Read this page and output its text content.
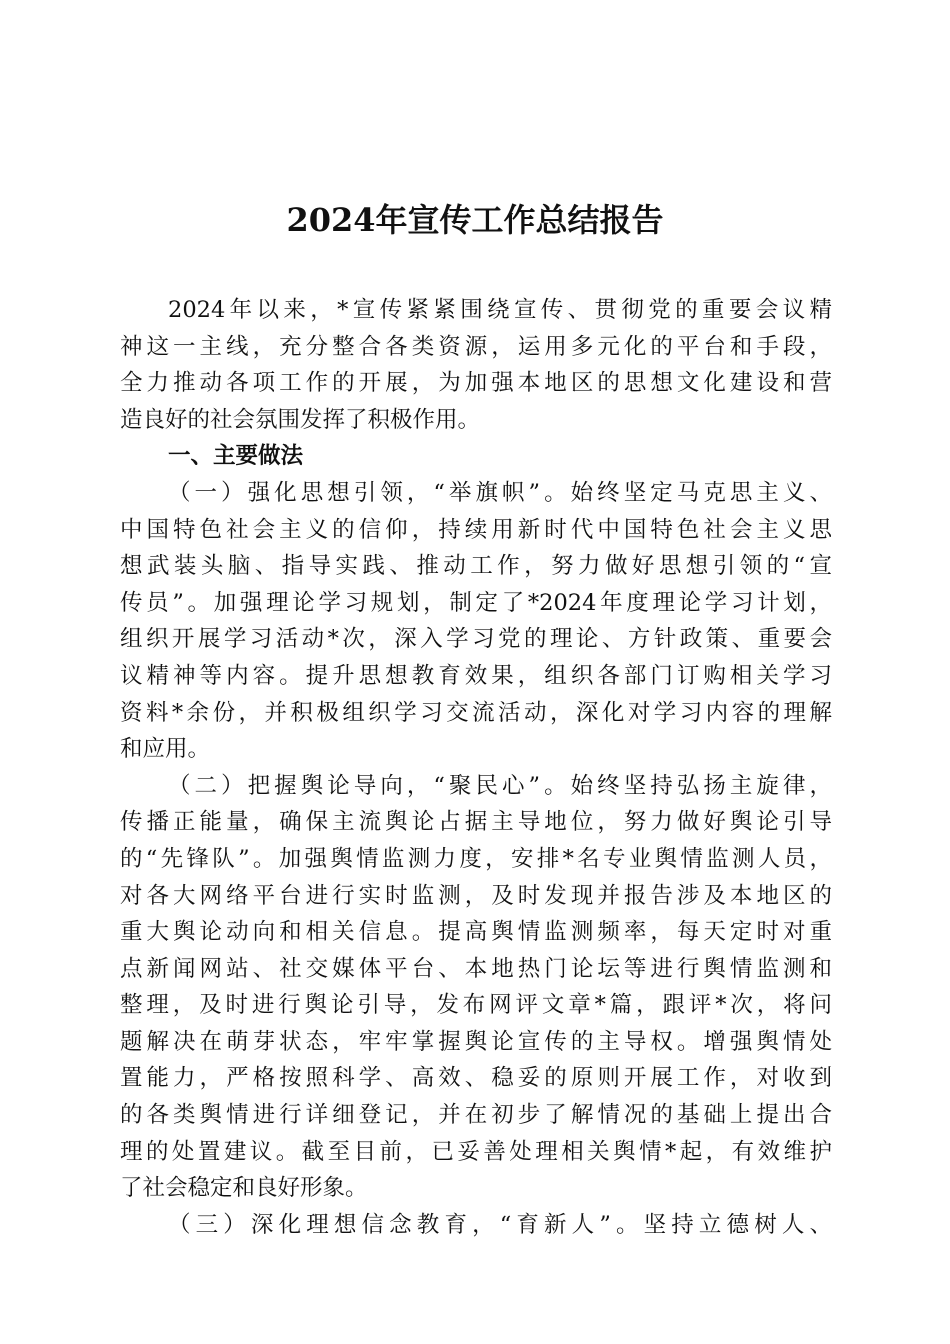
2024年宣传工作总结报告
2024年以来，*宣传紧紧围绕宣传、贯彻党的重要会议精
神这一主线，充分整合各类资源，运用多元化的平台和手段，
全力推动各项工作的开展，为加强本地区的思想文化建设和营
造良好的社会氛围发挥了积极作用。
一、主要做法
（一）强化思想引领，“举旗帜”。始终坚定马克思主义、
中国特色社会主义的信仰，持续用新时代中国特色社会主义思
想武装头脑、指导实践、推动工作，努力做好思想引领的“宣
传员”。加强理论学习规划，制定了*2024年度理论学习计划，
组织开展学习活动*次，深入学习党的理论、方针政策、重要会
议精神等内容。提升思想教育效果，组织各部门订购相关学习
资料*余份，并积极组织学习交流活动，深化对学习内容的理解
和应用。
（二）把握舆论导向，“聚民心”。始终坚持弘扬主旋律，
传播正能量，确保主流舆论占据主导地位，努力做好舆论引导
的“先锋队”。加强舆情监测力度，安排*名专业舆情监测人员，
对各大网络平台进行实时监测，及时发现并报告涉及本地区的
重大舆论动向和相关信息。提高舆情监测频率，每天定时对重
点新闻网站、社交媒体平台、本地热门论坛等进行舆情监测和
整理，及时进行舆论引导，发布网评文章*篇，跟评*次，将问
题解决在萌芽状态，牢牢掌握舆论宣传的主导权。增强舆情处
置能力，严格按照科学、高效、稳妥的原则开展工作，对收到
的各类舆情进行详细登记，并在初步了解情况的基础上提出合
理的处置建议。截至目前，已妥善处理相关舆情*起，有效维护
了社会稳定和良好形象。
（三）深化理想信念教育，“育新人”。坚持立德树人、
